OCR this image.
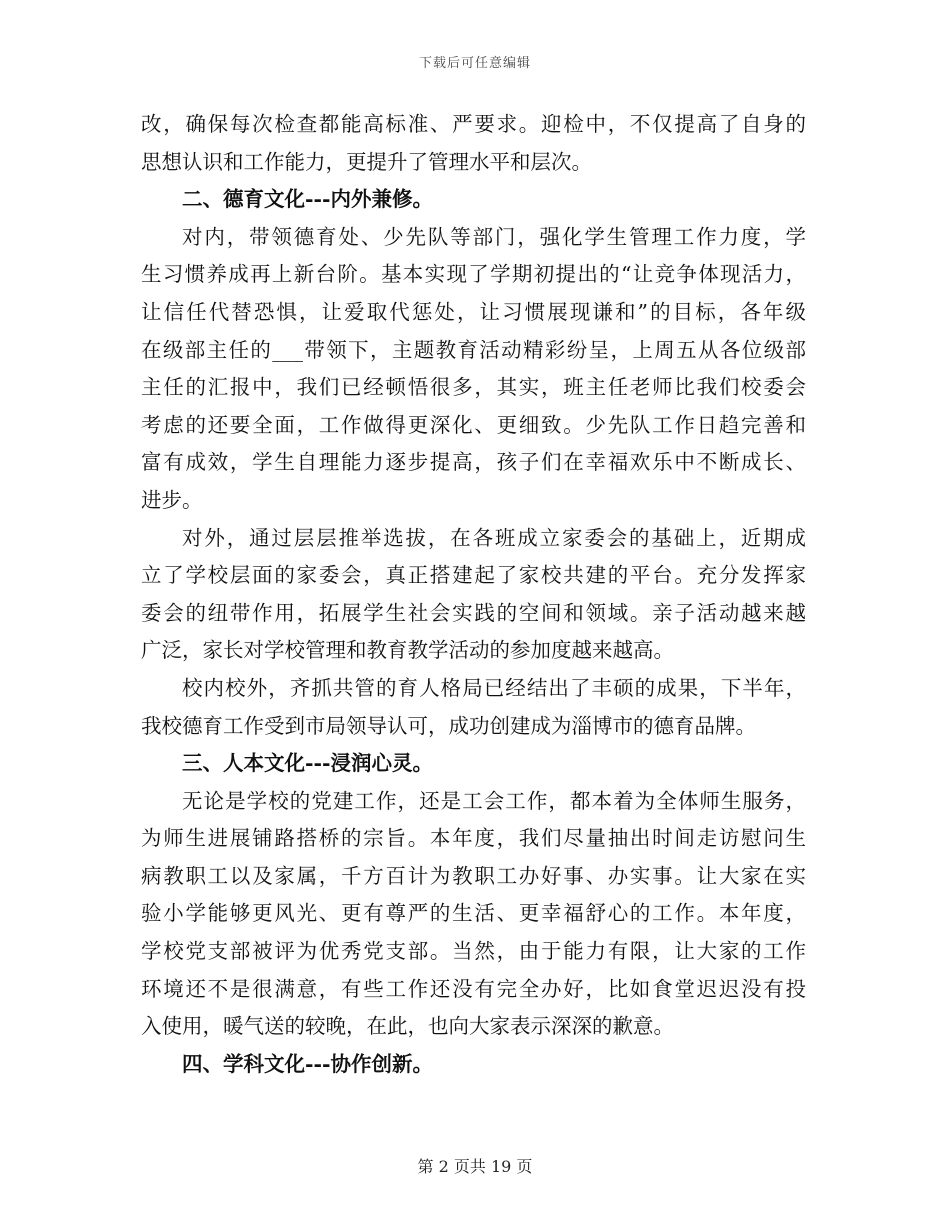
下载后可任意编辑
改，确保每次检查都能高标准、严要求。迎检中，不仅提高了自身的
思想认识和工作能力，更提升了管理水平和层次。
二、德育文化---内外兼修。
对内，带领德育处、少先队等部门，强化学生管理工作力度，学
生习惯养成再上新台阶。基本实现了学期初提出的“让竞争体现活力，
让信任代替恐惧，让爱取代惩处，让习惯展现谦和”的目标，各年级
在级部主任的___带领下，主题教育活动精彩纷呈，上周五从各位级部
主任的汇报中，我们已经顿悟很多，其实，班主任老师比我们校委会
考虑的还要全面，工作做得更深化、更细致。少先队工作日趋完善和
富有成效，学生自理能力逐步提高，孩子们在幸福欢乐中不断成长、
进步。
对外，通过层层推举选拔，在各班成立家委会的基础上，近期成
立了学校层面的家委会，真正搭建起了家校共建的平台。充分发挥家
委会的纽带作用，拓展学生社会实践的空间和领域。亲子活动越来越
广泛，家长对学校管理和教育教学活动的参加度越来越高。
校内校外，齐抓共管的育人格局已经结出了丰硕的成果，下半年，
我校德育工作受到市局领导认可，成功创建成为淄博市的德育品牌。
三、人本文化---浸润心灵。
无论是学校的党建工作，还是工会工作，都本着为全体师生服务，
为师生进展铺路搭桥的宗旨。本年度，我们尽量抽出时间走访慰问生
病教职工以及家属，千方百计为教职工办好事、办实事。让大家在实
验小学能够更风光、更有尊严的生活、更幸福舒心的工作。本年度，
学校党支部被评为优秀党支部。当然，由于能力有限，让大家的工作
环境还不是很满意，有些工作还没有完全办好，比如食堂迟迟没有投
入使用，暖气送的较晚，在此，也向大家表示深深的歉意。
四、学科文化---协作创新。
第 2 页共 19 页
